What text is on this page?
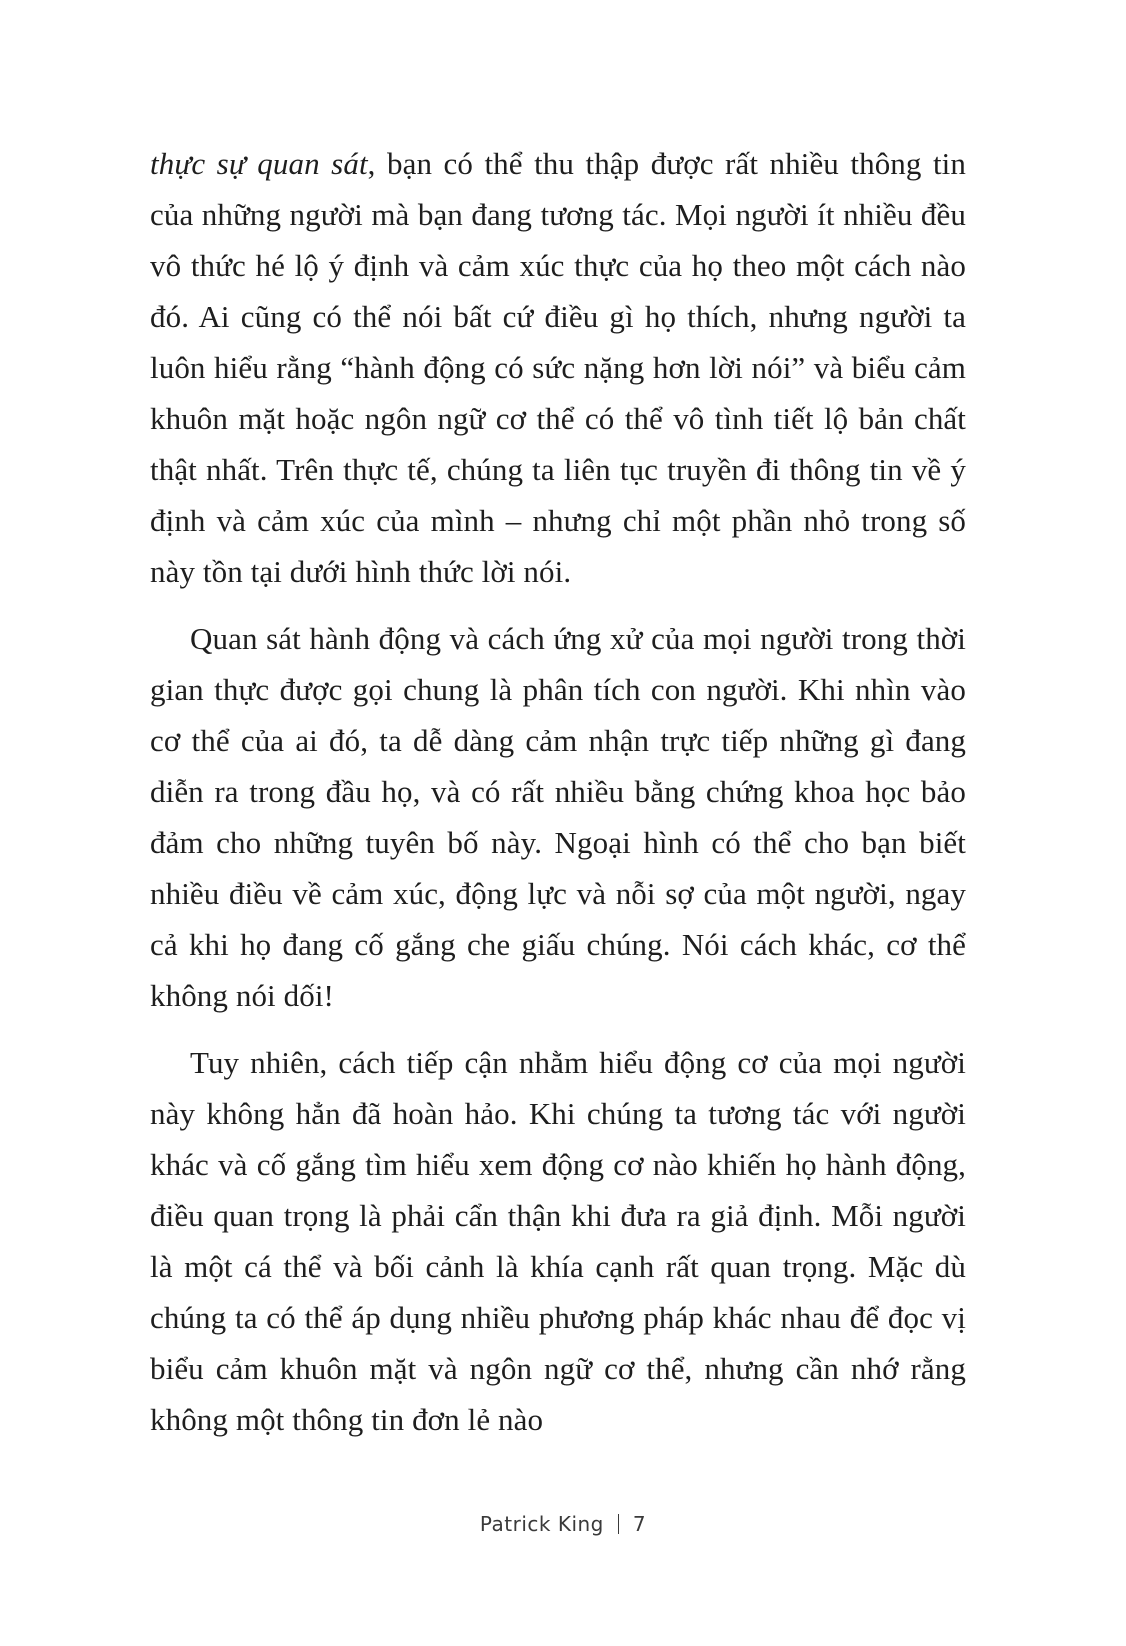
thực sự quan sát, bạn có thể thu thập được rất nhiều thông tin của những người mà bạn đang tương tác. Mọi người ít nhiều đều vô thức hé lộ ý định và cảm xúc thực của họ theo một cách nào đó. Ai cũng có thể nói bất cứ điều gì họ thích, nhưng người ta luôn hiểu rằng “hành động có sức nặng hơn lời nói” và biểu cảm khuôn mặt hoặc ngôn ngữ cơ thể có thể vô tình tiết lộ bản chất thật nhất. Trên thực tế, chúng ta liên tục truyền đi thông tin về ý định và cảm xúc của mình – nhưng chỉ một phần nhỏ trong số này tồn tại dưới hình thức lời nói.

Quan sát hành động và cách ứng xử của mọi người trong thời gian thực được gọi chung là phân tích con người. Khi nhìn vào cơ thể của ai đó, ta dễ dàng cảm nhận trực tiếp những gì đang diễn ra trong đầu họ, và có rất nhiều bằng chứng khoa học bảo đảm cho những tuyên bố này. Ngoại hình có thể cho bạn biết nhiều điều về cảm xúc, động lực và nỗi sợ của một người, ngay cả khi họ đang cố gắng che giấu chúng. Nói cách khác, cơ thể không nói dối!

Tuy nhiên, cách tiếp cận nhằm hiểu động cơ của mọi người này không hẳn đã hoàn hảo. Khi chúng ta tương tác với người khác và cố gắng tìm hiểu xem động cơ nào khiến họ hành động, điều quan trọng là phải cẩn thận khi đưa ra giả định. Mỗi người là một cá thể và bối cảnh là khía cạnh rất quan trọng. Mặc dù chúng ta có thể áp dụng nhiều phương pháp khác nhau để đọc vị biểu cảm khuôn mặt và ngôn ngữ cơ thể, nhưng cần nhớ rằng không một thông tin đơn lẻ nào

Patrick King 7
